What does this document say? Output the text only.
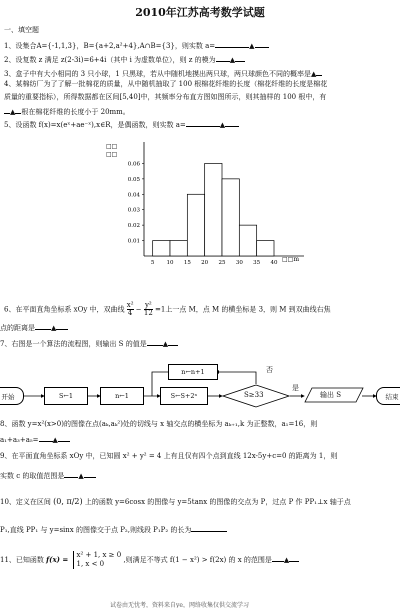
2010年江苏高考数学试题
一、填空题
1、设集合A={-1,1,3}，B={a+2,a²+4},A∩B={3}，则实数 a=	▲
2、设复数 z 满足 z(2-3i)=6+4i（其中 i 为虚数单位），则 z 的模为 ▲
3、盒子中有大小相同的 3 只小球，1 只黑球，若从中随机地摸出两只球，两只球颜色不同的概率是▲
4、某棉纺厂为了了解一批棉花的质量，从中随机抽取了 100 根棉花纤维的长度（棉花纤维的长度是棉花
质量的重要指标），所得数据都在区间[5,40]中，其频率分布直方图如图所示，则其抽样的 100 根中，有
▲ 根在棉花纤维的长度小于 20mm。
5、设函数 f(x)=x(eˣ+ae⁻ˣ),x∈R，是偶函数，则实数 a=	▲
0.06
0.05
0.04
0.03
0.02
0.01
5 10 15 20 25 30 35 40
□□
□□
□□m
6、在平面直角坐标系 xOy 中，双曲线 $\frac{\text{x²}}{4} - \frac{\text{y²}}{12} =1$上一点 M，点 M 的横坐标是 3，则 M 到双曲线右焦
点的距离是 ▲
7、右图是一个算法的流程图，则输出 S 的值是 ▲
开始	S←1	n←1	S←S+2ⁿ
n←n+1
S≥33
否
是
输出 S	结束
8、函数 y=x²(x>0)的图像在点(aₖ,aₖ²)处的切线与 x 轴交点的横坐标为 aₖ₊₁,k 为正整数，a₁=16，则
a₁+a₃+a₅= ▲
9、在平面直角坐标系 xOy 中，已知圆 x² + y² = 4 上有且仅有四个点到直线 12x-5y+c=0 的距离为 1，则
实数 c 的取值范围是 ▲
10、定义在区间 (0, π/2) 上的函数 y=6cosx 的图像与 y=5tanx 的图像的交点为 P，过点 P 作 PP₁⊥x 轴于点
P₁,直线 PP₁ 与 y=sinx 的图像交于点 P₂,则线段 P₁P₂ 的长为
11、已知函数 f(x) = x² + 1, x ≥ 0
1, x < 0	,则满足不等式 f(1 − x²) > f(2x) 的 x 的范围是 ▲
试卷由无忧考，资料来自ye，网络收集仅供交流学习
